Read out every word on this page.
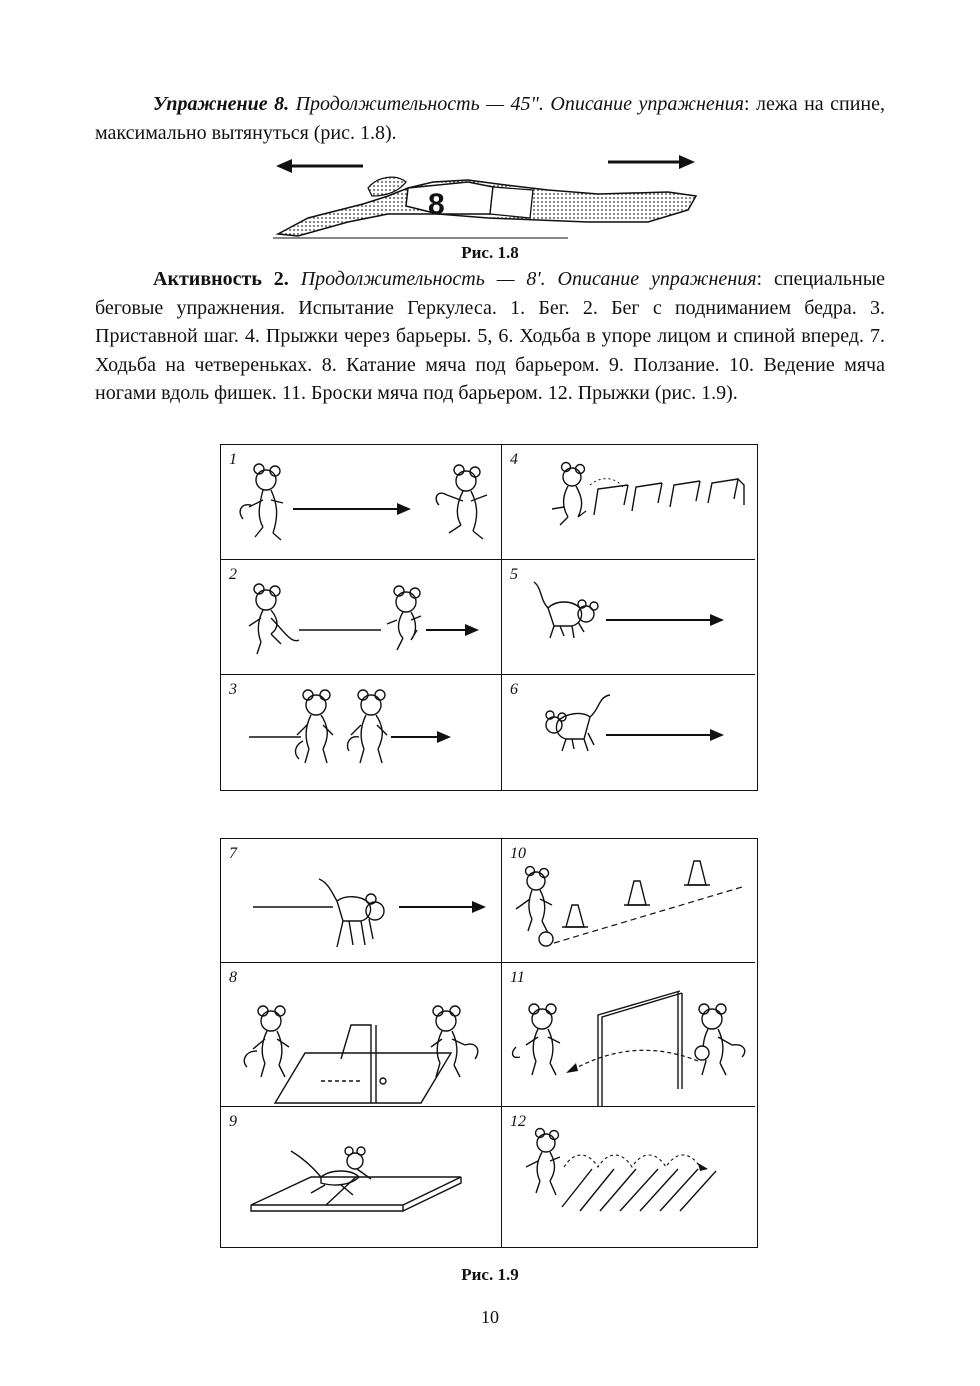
Упражнение 8. Продолжительность — 45". Описание упражнения: лежа на спине, максимально вытянуться (рис. 1.8).

8

Рис. 1.8

Активность 2. Продолжительность — 8'. Описание упражнения: специальные беговые упражнения. Испытание Геркулеса. 1. Бег. 2. Бег с подниманием бедра. 3. Приставной шаг. 4. Прыжки через барьеры. 5, 6. Ходьба в упоре лицом и спиной вперед. 7. Ходьба на четвереньках. 8. Катание мяча под барьером. 9. Ползание. 10. Ведение мяча ногами вдоль фишек. 11. Броски мяча под барьером. 12. Прыжки (рис. 1.9).

1	4
2	5
3	6
7	10
8	11
9	12

Рис. 1.9

10
